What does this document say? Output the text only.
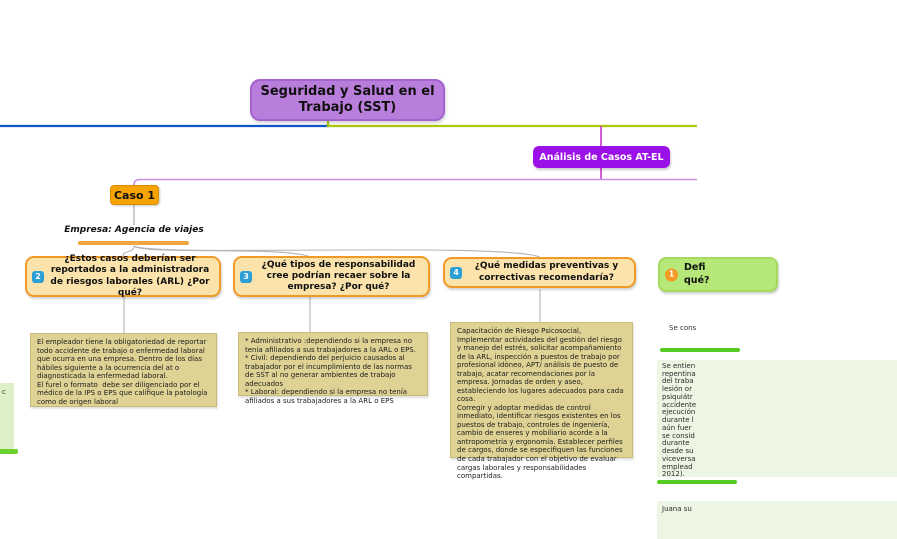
Seguridad y Salud en el Trabajo (SST)
Análisis de Casos AT-EL
Caso 1
Empresa: Agencia de viajes
2
¿Estos casos deberían ser reportados a la administradora de riesgos laborales (ARL) ¿Por qué?
3
¿Qué tipos de responsabilidad cree podrían recaer sobre la empresa? ¿Por qué?
4
¿Qué medidas preventivas y correctivas recomendaría?	1
Defi
qué?
El empleador tiene la obligatoriedad de reportar todo accidente de trabajo o enfermedad laboral que ocurra en una empresa. Dentro de los días hábiles siguiente a la ocurrencia del at o diagnosticada la enfermedad laboral.
El furel o formato  debe ser diligenciado por el médico de la IPS o EPS que califique la patología como de origen laboral
* Administrativo :dependiendo si la empresa no tenía afiliados a sus trabajadores a la ARL o EPS.
* Civil: dependiendo del perjuicio causados al trabajador por el incumplimiento de las normas de SST al no generar ambientes de trabajo adecuados
* Laboral: dependiendo si la empresa no tenía afiliados a sus trabajadores a la ARL o EPS
Capacitación de Riesgo Psicosocial, Implementar actividades del gestión del riesgo y manejo del estrés, solicitar acompañamiento de la ARL, inspección a puestos de trabajo por profesional idóneo, APT/ análisis de puesto de trabajo, acatar recomendaciones por la empresa. Jornadas de orden y aseo, estableciendo los lugares adecuados para cada cosa.
Corregir y adoptar medidas de control inmediato, identificar riesgos existentes en los puestos de trabajo, controles de ingeniería, cambio de enseres y mobiliario acorde a la antropometría y ergonomía. Establecer perfiles de cargos, donde se especifiquen las funciones de cada trabajador con el objetivo de evaluar cargas laborales y responsabilidades compartidas.
Se cons
Se entien
repentina
del traba
lesión or
psiquiátr
accidente
ejecución
durante l
aún fuer
se consid
durante
desde su
viceversa
emplead
2012).
Juana su
c
